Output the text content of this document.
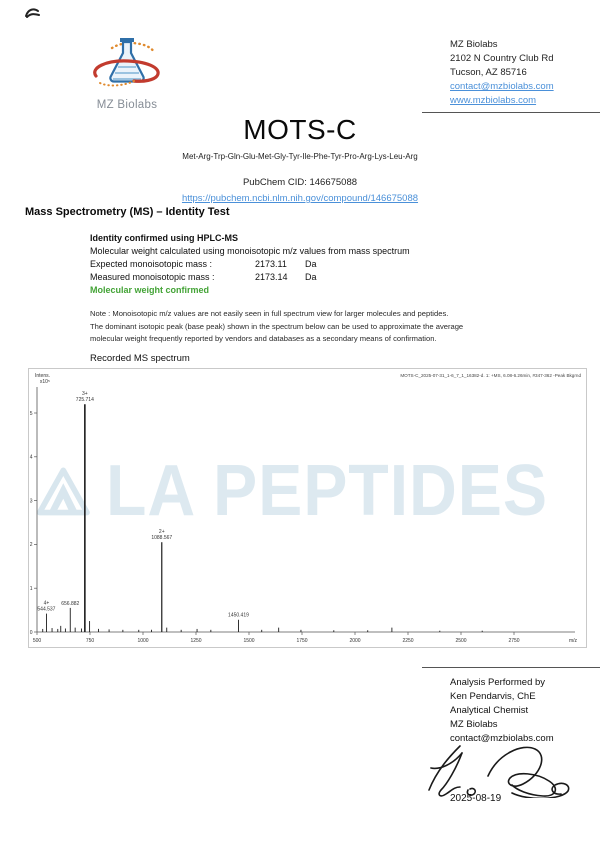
MZ Biolabs
MZ Biolabs
2102 N Country Club Rd
Tucson, AZ 85716
contact@mzbiolabs.com
www.mzbiolabs.com
MOTS-C
Met-Arg-Trp-Gln-Glu-Met-Gly-Tyr-Ile-Phe-Tyr-Pro-Arg-Lys-Leu-Arg
PubChem CID: 146675088
https://pubchem.ncbi.nlm.nih.gov/compound/146675088
Mass Spectrometry (MS) – Identity Test
Identity confirmed using HPLC-MS
Molecular weight calculated using monoisotopic m/z values from mass spectrum
Expected monoisotopic mass :	2173.11	Da
Measured monoisotopic mass :	2173.14	Da
Molecular weight confirmed
Note : Monoisotopic m/z values are not easily seen in full spectrum view for larger molecules and peptides.
The dominant isotopic peak (base peak) shown in the spectrum below can be used to approximate the average
molecular weight frequently reported by vendors and databases as a secondary means of confirmation.
Recorded MS spectrum
MOTS-C_2025-07-31_1-6_7_1_16382-d. 1: +MS, 6.08-6.26min, #347-362 -Peak Bkgrnd
Intens.
x10⁵
LA PEPTIDES
500	750	1000	1250	1500	1750	2000	2250	2500	2750	m/z
0
1
2
3
4
5
4+
544.537
656.882
3+
725.714
2+
1088.567
1450.419
Analysis Performed by
Ken Pendarvis, ChE
Analytical Chemist
MZ Biolabs
contact@mzbiolabs.com
2025-08-19
